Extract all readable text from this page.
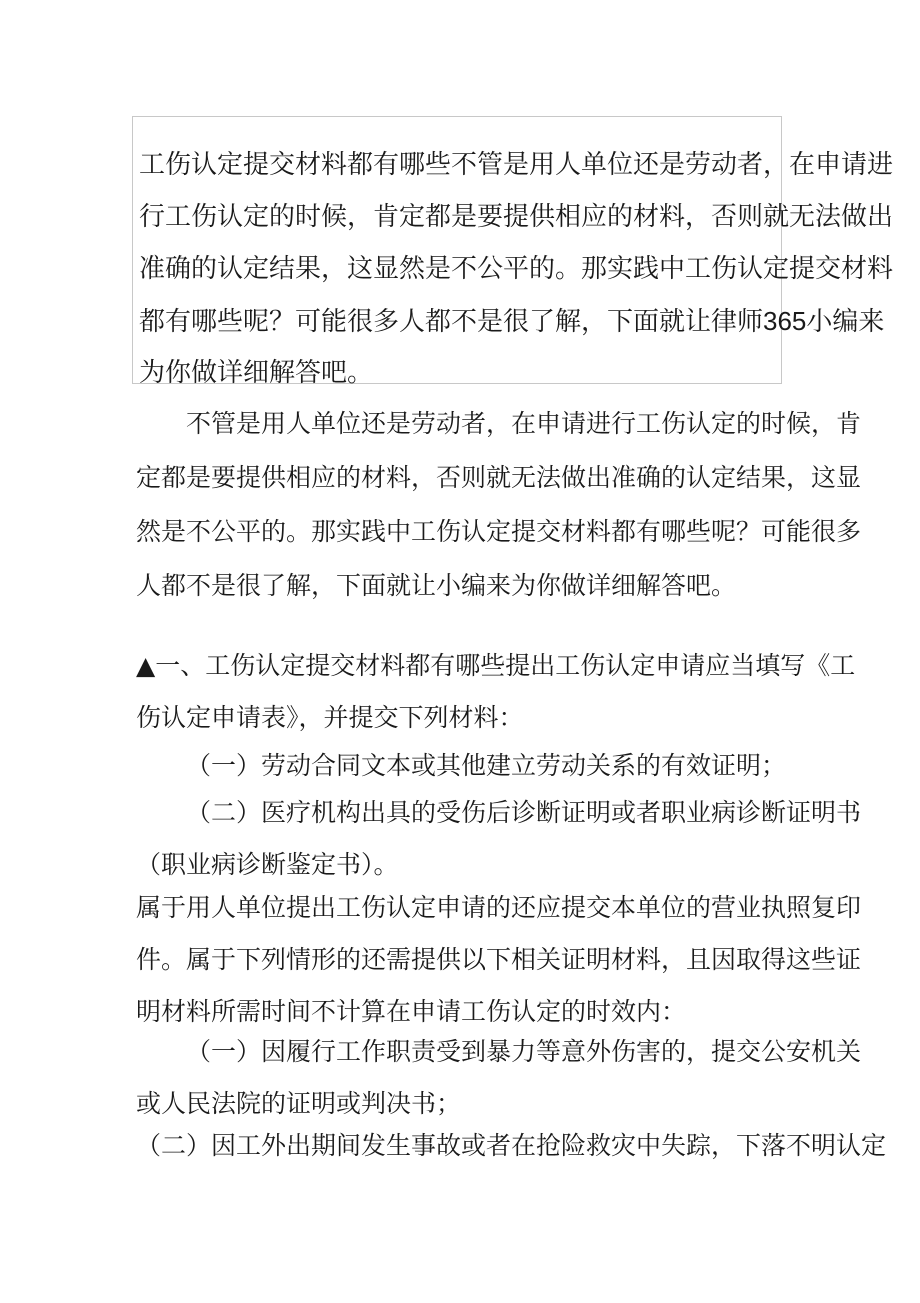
工伤认定提交材料都有哪些不管是用人单位还是劳动者，在申请进
行工伤认定的时候，肯定都是要提供相应的材料，否则就无法做出
准确的认定结果，这显然是不公平的。那实践中工伤认定提交材料
都有哪些呢？可能很多人都不是很了解，下面就让律师365小编来
为你做详细解答吧。
不管是用人单位还是劳动者，在申请进行工伤认定的时候，肯
定都是要提供相应的材料，否则就无法做出准确的认定结果，这显
然是不公平的。那实践中工伤认定提交材料都有哪些呢？可能很多
人都不是很了解，下面就让小编来为你做详细解答吧。
▲一、工伤认定提交材料都有哪些提出工伤认定申请应当填写《工
伤认定申请表》，并提交下列材料：
（一）劳动合同文本或其他建立劳动关系的有效证明；
（二）医疗机构出具的受伤后诊断证明或者职业病诊断证明书
（职业病诊断鉴定书）。
属于用人单位提出工伤认定申请的还应提交本单位的营业执照复印
件。属于下列情形的还需提供以下相关证明材料，且因取得这些证
明材料所需时间不计算在申请工伤认定的时效内：
（一）因履行工作职责受到暴力等意外伤害的，提交公安机关
或人民法院的证明或判决书；
（二）因工外出期间发生事故或者在抢险救灾中失踪，下落不明认定
